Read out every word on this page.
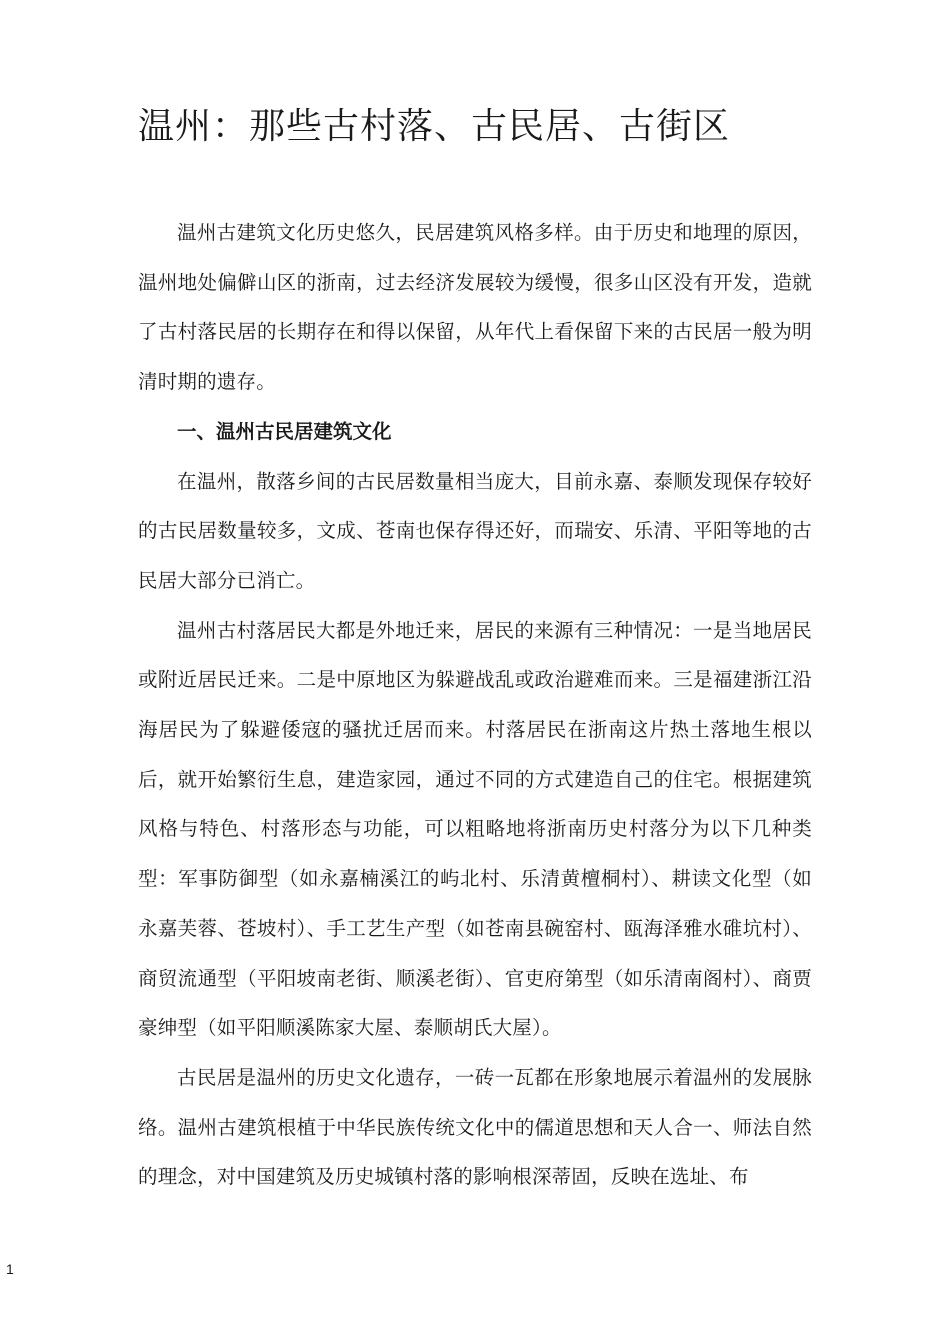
温州：那些古村落、古民居、古街区

温州古建筑文化历史悠久，民居建筑风格多样。由于历史和地理的原因，温州地处偏僻山区的浙南，过去经济发展较为缓慢，很多山区没有开发，造就了古村落民居的长期存在和得以保留，从年代上看保留下来的古民居一般为明清时期的遗存。

一、温州古民居建筑文化

在温州，散落乡间的古民居数量相当庞大，目前永嘉、泰顺发现保存较好的古民居数量较多，文成、苍南也保存得还好，而瑞安、乐清、平阳等地的古民居大部分已消亡。

温州古村落居民大都是外地迁来，居民的来源有三种情况：一是当地居民或附近居民迁来。二是中原地区为躲避战乱或政治避难而来。三是福建浙江沿海居民为了躲避倭寇的骚扰迁居而来。村落居民在浙南这片热土落地生根以后，就开始繁衍生息，建造家园，通过不同的方式建造自己的住宅。根据建筑风格与特色、村落形态与功能，可以粗略地将浙南历史村落分为以下几种类型：军事防御型（如永嘉楠溪江的屿北村、乐清黄檀桐村）、耕读文化型（如永嘉芙蓉、苍坡村）、手工艺生产型（如苍南县碗窑村、瓯海泽雅水碓坑村）、商贸流通型（平阳坡南老街、顺溪老街）、官吏府第型（如乐清南阁村）、商贾豪绅型（如平阳顺溪陈家大屋、泰顺胡氏大屋）。

古民居是温州的历史文化遗存，一砖一瓦都在形象地展示着温州的发展脉络。温州古建筑根植于中华民族传统文化中的儒道思想和天人合一、师法自然的理念，对中国建筑及历史城镇村落的影响根深蒂固，反映在选址、布

1
